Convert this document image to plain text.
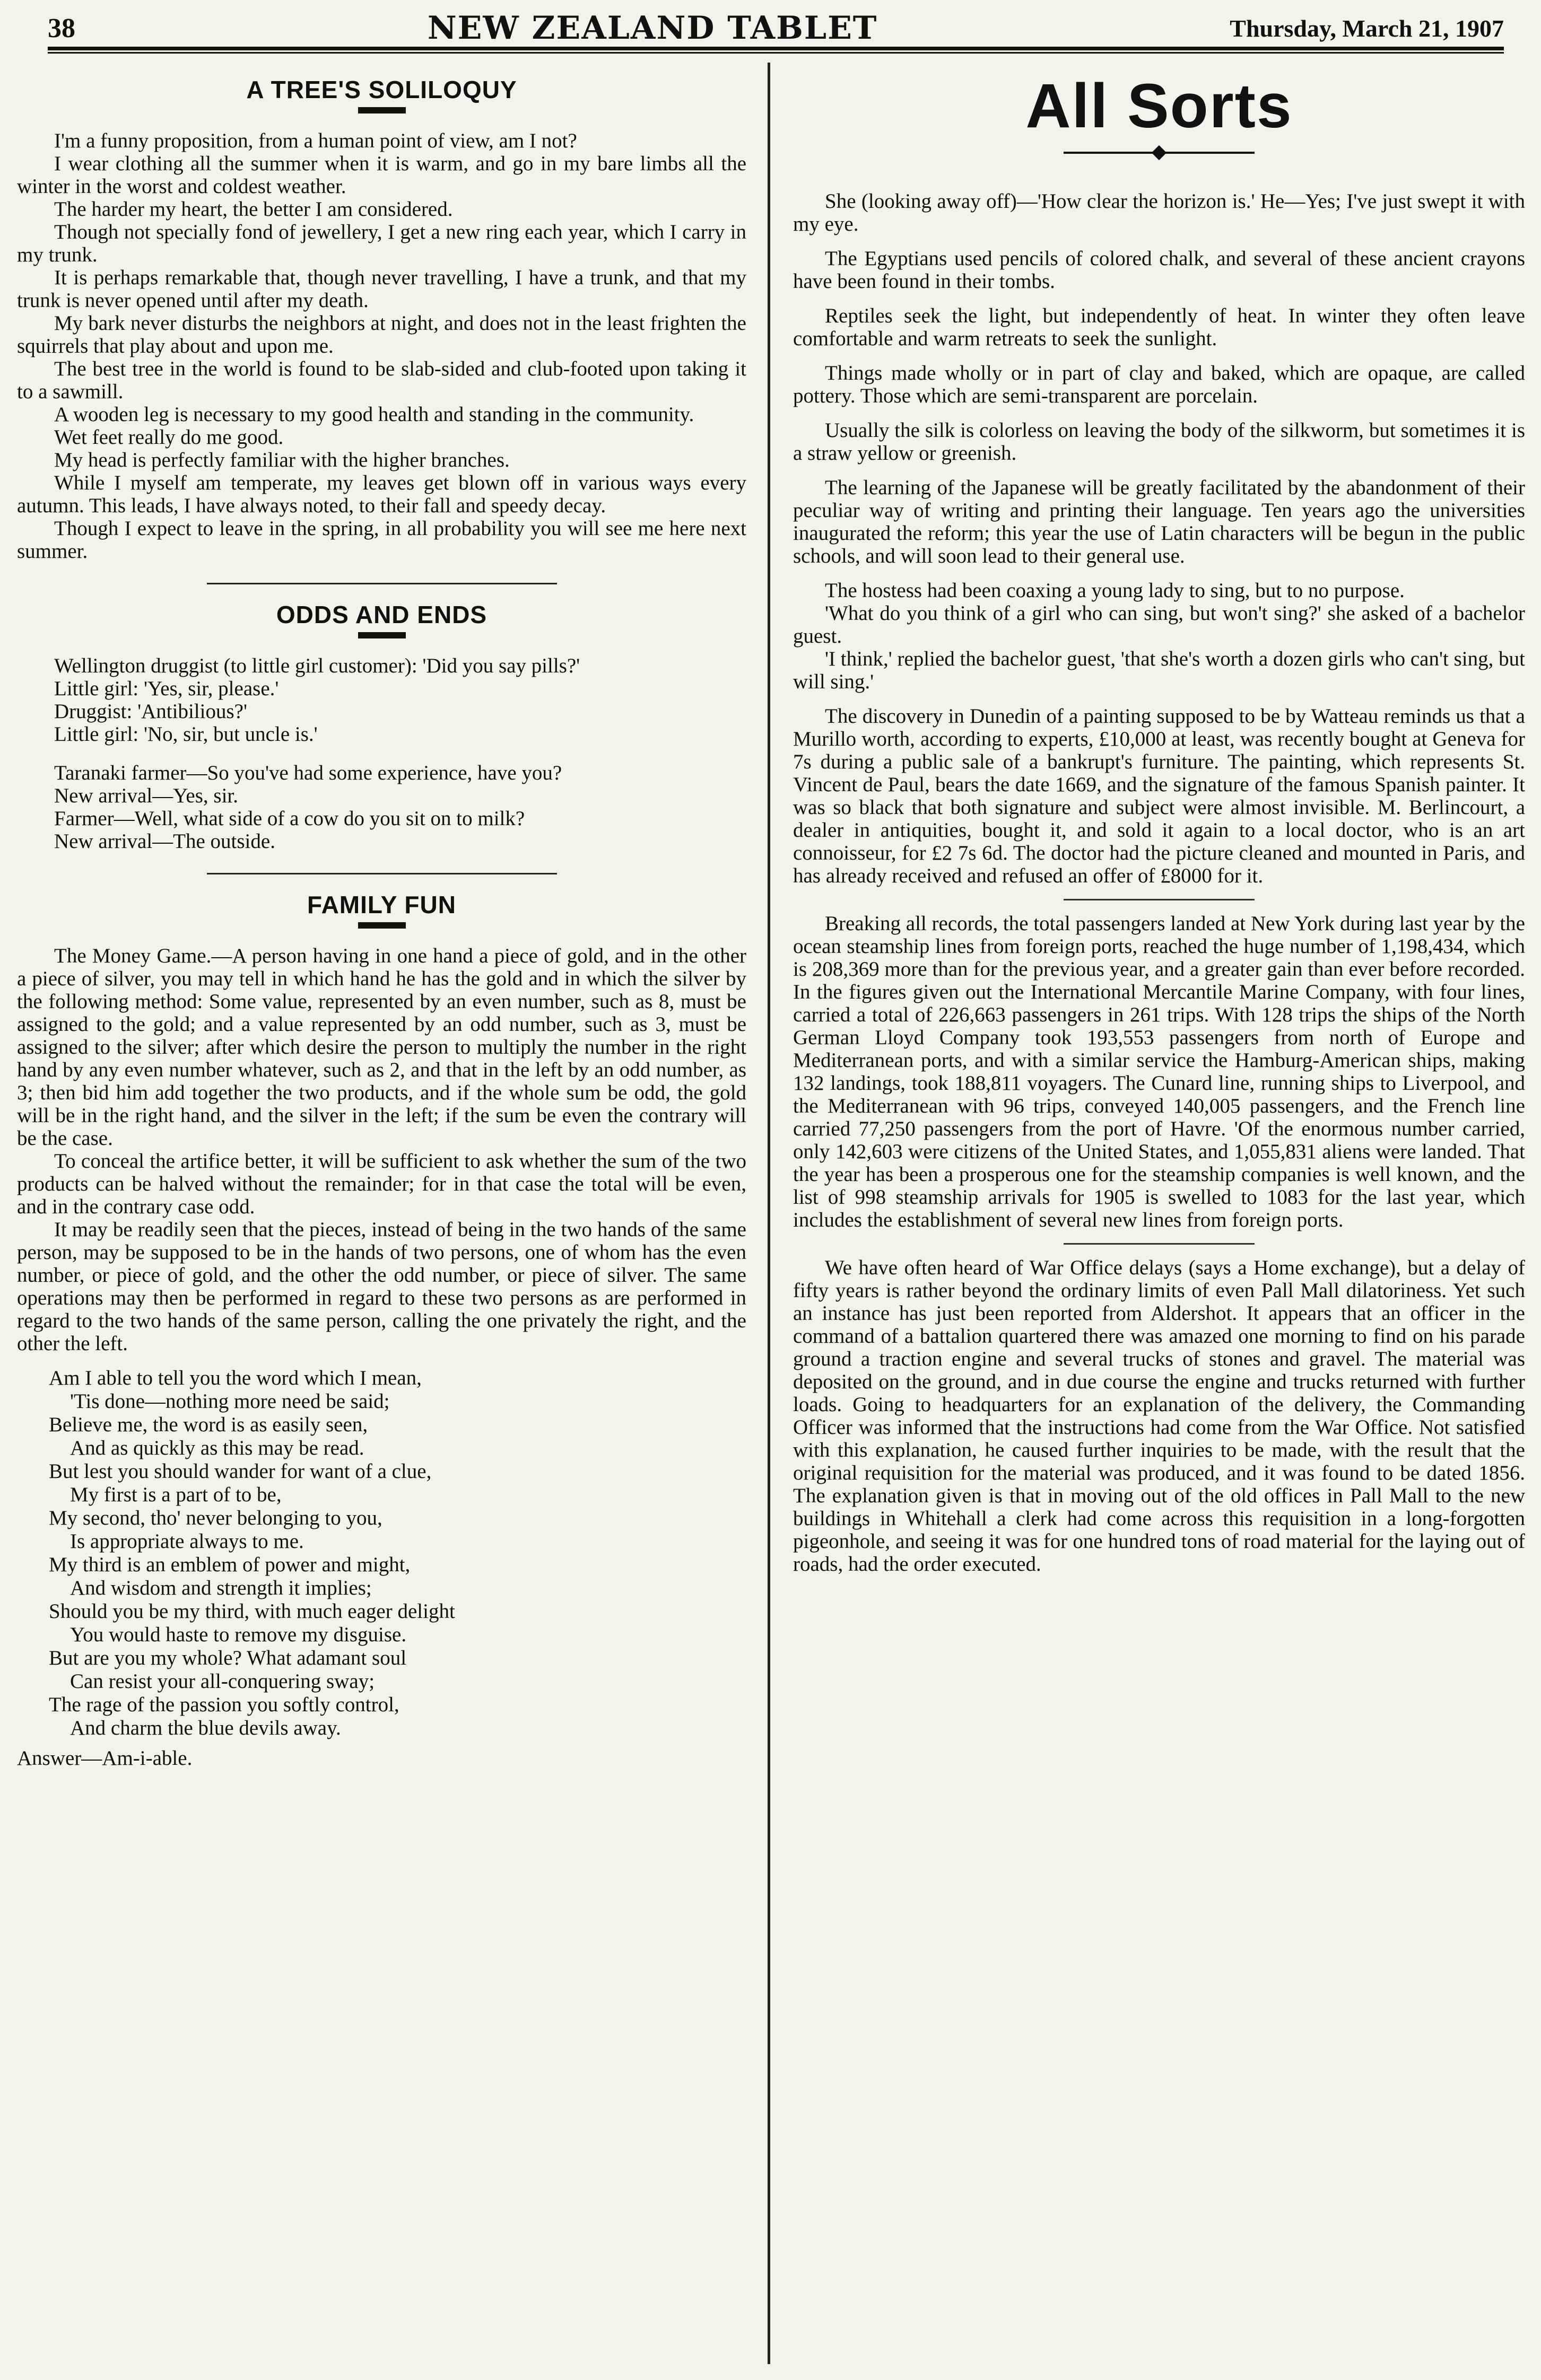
38	NEW ZEALAND TABLET	Thursday, March 21, 1907
A TREE'S SOLILOQUY

I'm a funny proposition, from a human point of view, am I not?

I wear clothing all the summer when it is warm, and go in my bare limbs all the winter in the worst and coldest weather.

The harder my heart, the better I am considered.

Though not specially fond of jewellery, I get a new ring each year, which I carry in my trunk.

It is perhaps remarkable that, though never travelling, I have a trunk, and that my trunk is never opened until after my death.

My bark never disturbs the neighbors at night, and does not in the least frighten the squirrels that play about and upon me.

The best tree in the world is found to be slab-sided and club-footed upon taking it to a sawmill.

A wooden leg is necessary to my good health and standing in the community.

Wet feet really do me good.

My head is perfectly familiar with the higher branches.

While I myself am temperate, my leaves get blown off in various ways every autumn. This leads, I have always noted, to their fall and speedy decay.

Though I expect to leave in the spring, in all probability you will see me here next summer.

ODDS AND ENDS

Wellington druggist (to little girl customer): 'Did you say pills?'

Little girl: 'Yes, sir, please.'

Druggist: 'Antibilious?'

Little girl: 'No, sir, but uncle is.'

Taranaki farmer—So you've had some experience, have you?

New arrival—Yes, sir.

Farmer—Well, what side of a cow do you sit on to milk?

New arrival—The outside.

FAMILY FUN

The Money Game.—A person having in one hand a piece of gold, and in the other a piece of silver, you may tell in which hand he has the gold and in which the silver by the following method: Some value, represented by an even number, such as 8, must be assigned to the gold; and a value represented by an odd number, such as 3, must be assigned to the silver; after which desire the person to multiply the number in the right hand by any even number whatever, such as 2, and that in the left by an odd number, as 3; then bid him add together the two products, and if the whole sum be odd, the gold will be in the right hand, and the silver in the left; if the sum be even the contrary will be the case.

To conceal the artifice better, it will be sufficient to ask whether the sum of the two products can be halved without the remainder; for in that case the total will be even, and in the contrary case odd.

It may be readily seen that the pieces, instead of being in the two hands of the same person, may be supposed to be in the hands of two persons, one of whom has the even number, or piece of gold, and the other the odd number, or piece of silver. The same operations may then be performed in regard to these two persons as are performed in regard to the two hands of the same person, calling the one privately the right, and the other the left.

Am I able to tell you the word which I mean,
'Tis done—nothing more need be said;
Believe me, the word is as easily seen,
And as quickly as this may be read.
But lest you should wander for want of a clue,
My first is a part of to be,
My second, tho' never belonging to you,
Is appropriate always to me.
My third is an emblem of power and might,
And wisdom and strength it implies;
Should you be my third, with much eager delight
You would haste to remove my disguise.
But are you my whole? What adamant soul
Can resist your all-conquering sway;
The rage of the passion you softly control,
And charm the blue devils away.
Answer—Am-i-able.
All Sorts

She (looking away off)—'How clear the horizon is.' He—Yes; I've just swept it with my eye.

The Egyptians used pencils of colored chalk, and several of these ancient crayons have been found in their tombs.

Reptiles seek the light, but independently of heat. In winter they often leave comfortable and warm retreats to seek the sunlight.

Things made wholly or in part of clay and baked, which are opaque, are called pottery. Those which are semi-transparent are porcelain.

Usually the silk is colorless on leaving the body of the silkworm, but sometimes it is a straw yellow or greenish.

The learning of the Japanese will be greatly facilitated by the abandonment of their peculiar way of writing and printing their language. Ten years ago the universities inaugurated the reform; this year the use of Latin characters will be begun in the public schools, and will soon lead to their general use.

The hostess had been coaxing a young lady to sing, but to no purpose.

'What do you think of a girl who can sing, but won't sing?' she asked of a bachelor guest.

'I think,' replied the bachelor guest, 'that she's worth a dozen girls who can't sing, but will sing.'

The discovery in Dunedin of a painting supposed to be by Watteau reminds us that a Murillo worth, according to experts, £10,000 at least, was recently bought at Geneva for 7s during a public sale of a bankrupt's furniture. The painting, which represents St. Vincent de Paul, bears the date 1669, and the signature of the famous Spanish painter. It was so black that both signature and subject were almost invisible. M. Berlincourt, a dealer in antiquities, bought it, and sold it again to a local doctor, who is an art connoisseur, for £2 7s 6d. The doctor had the picture cleaned and mounted in Paris, and has already received and refused an offer of £8000 for it.

Breaking all records, the total passengers landed at New York during last year by the ocean steamship lines from foreign ports, reached the huge number of 1,198,434, which is 208,369 more than for the previous year, and a greater gain than ever before recorded. In the figures given out the International Mercantile Marine Company, with four lines, carried a total of 226,663 passengers in 261 trips. With 128 trips the ships of the North German Lloyd Company took 193,553 passengers from north of Europe and Mediterranean ports, and with a similar service the Hamburg-American ships, making 132 landings, took 188,811 voyagers. The Cunard line, running ships to Liverpool, and the Mediterranean with 96 trips, conveyed 140,005 passengers, and the French line carried 77,250 passengers from the port of Havre. 'Of the enormous number carried, only 142,603 were citizens of the United States, and 1,055,831 aliens were landed. That the year has been a prosperous one for the steamship companies is well known, and the list of 998 steamship arrivals for 1905 is swelled to 1083 for the last year, which includes the establishment of several new lines from foreign ports.

We have often heard of War Office delays (says a Home exchange), but a delay of fifty years is rather beyond the ordinary limits of even Pall Mall dilatoriness. Yet such an instance has just been reported from Aldershot. It appears that an officer in the command of a battalion quartered there was amazed one morning to find on his parade ground a traction engine and several trucks of stones and gravel. The material was deposited on the ground, and in due course the engine and trucks returned with further loads. Going to headquarters for an explanation of the delivery, the Commanding Officer was informed that the instructions had come from the War Office. Not satisfied with this explanation, he caused further inquiries to be made, with the result that the original requisition for the material was produced, and it was found to be dated 1856. The explanation given is that in moving out of the old offices in Pall Mall to the new buildings in Whitehall a clerk had come across this requisition in a long-forgotten pigeonhole, and seeing it was for one hundred tons of road material for the laying out of roads, had the order executed.
